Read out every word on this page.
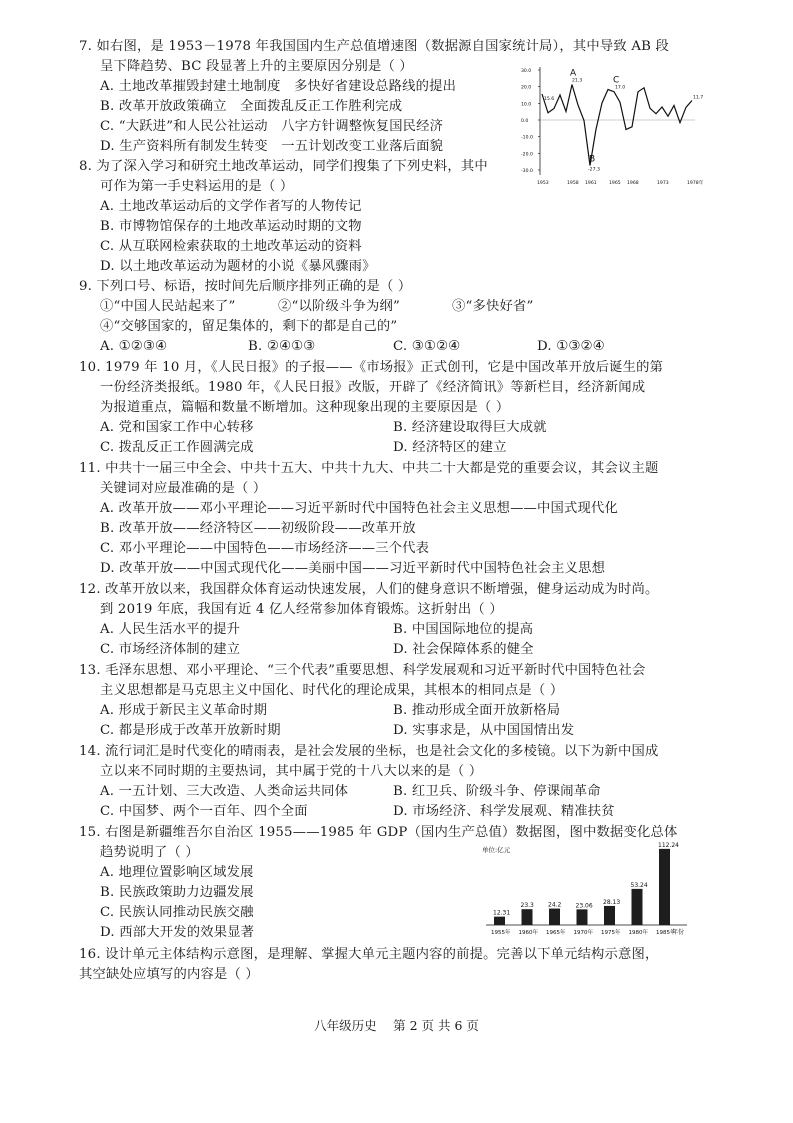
7. 如右图，是 1953－1978 年我国国内生产总值增速图（数据源自国家统计局），其中导致 AB 段
呈下降趋势、BC 段显著上升的主要原因分别是（ ）
A. 土地改革摧毁封建土地制度　多快好省建设总路线的提出
B. 改革开放政策确立　全面拨乱反正工作胜利完成
C. “大跃进”和人民公社运动　八字方针调整恢复国民经济
D. 生产资料所有制发生转变　一五计划改变工业落后面貌
30.0
20.0
10.0
0.0
-10.0
-20.0
-30.0
1953	1958 1961	1965 1968	1973	1978年
A
B
C
15.6
21.3
17.0
11.7
-27.3
8. 为了深入学习和研究土地改革运动，同学们搜集了下列史料，其中
可作为第一手史料运用的是（ ）
A. 土地改革运动后的文学作者写的人物传记
B. 市博物馆保存的土地改革运动时期的文物
C. 从互联网检索获取的土地改革运动的资料
D. 以土地改革运动为题材的小说《暴风骤雨》
9. 下列口号、标语，按时间先后顺序排列正确的是（ ）
①“中国人民站起来了”	②“以阶级斗争为纲”	③“多快好省”
④“交够国家的，留足集体的，剩下的都是自己的”
A. ①②③④	B. ②④①③	C. ③①②④	D. ①③②④
10. 1979 年 10 月，《人民日报》的子报——《市场报》正式创刊，它是中国改革开放后诞生的第
一份经济类报纸。1980 年，《人民日报》改版，开辟了《经济简讯》等新栏目，经济新闻成
为报道重点，篇幅和数量不断增加。这种现象出现的主要原因是（ ）
A. 党和国家工作中心转移	B. 经济建设取得巨大成就
C. 拨乱反正工作圆满完成	D. 经济特区的建立
11. 中共十一届三中全会、中共十五大、中共十九大、中共二十大都是党的重要会议，其会议主题
关键词对应最准确的是（ ）
A. 改革开放——邓小平理论——习近平新时代中国特色社会主义思想——中国式现代化
B. 改革开放——经济特区——初级阶段——改革开放
C. 邓小平理论——中国特色——市场经济——三个代表
D. 改革开放——中国式现代化——美丽中国——习近平新时代中国特色社会主义思想
12. 改革开放以来，我国群众体育运动快速发展，人们的健身意识不断增强，健身运动成为时尚。
到 2019 年底，我国有近 4 亿人经常参加体育锻炼。这折射出（ ）
A. 人民生活水平的提升	B. 中国国际地位的提高
C. 市场经济体制的建立	D. 社会保障体系的健全
13. 毛泽东思想、邓小平理论、“三个代表”重要思想、科学发展观和习近平新时代中国特色社会
主义思想都是马克思主义中国化、时代化的理论成果，其根本的相同点是（ ）
A. 形成于新民主义革命时期	B. 推动形成全面开放新格局
C. 都是形成于改革开放新时期	D. 实事求是，从中国国情出发
14. 流行词汇是时代变化的晴雨表，是社会发展的坐标，也是社会文化的多棱镜。以下为新中国成
立以来不同时期的主要热词，其中属于党的十八大以来的是（ ）
A. 一五计划、三大改造、人类命运共同体	B. 红卫兵、阶级斗争、停课闹革命
C. 中国梦、两个一百年、四个全面	D. 市场经济、科学发展观、精准扶贫
15. 右图是新疆维吾尔自治区 1955——1985 年 GDP（国内生产总值）数据图，图中数据变化总体
趋势说明了（ ）
A. 地理位置影响区域发展
B. 民族政策助力边疆发展
C. 民族认同推动民族交融
D. 西部大开发的效果显著
单位:亿元
12.31
23.3 24.2 23.06 28.13
53.24
112.24
1955年 1960年 1965年 1970年 1975年 1980年 1985年
年份
16. 设计单元主体结构示意图，是理解、掌握大单元主题内容的前提。完善以下单元结构示意图，
其空缺处应填写的内容是（ ）
八年级历史　 第 2 页 共 6 页
